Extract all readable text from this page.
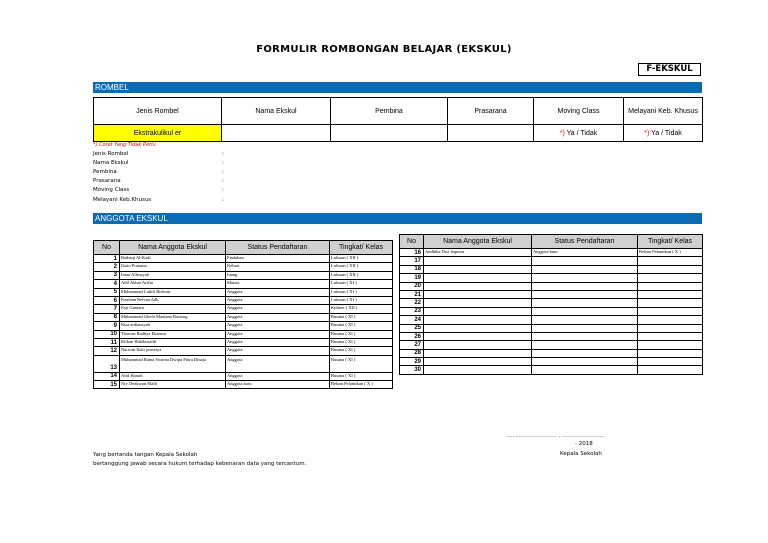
FORMULIR ROMBONGAN BELAJAR (EKSKUL)
F-EKSKUL
ROMBEL
Jenis Rombel	Nama Ekskul	Pembina	Prasarana	Moving Class	Melayani Keb. Khusus
Ekstrakulikul er				*) Ya / Tidak	*) Ya / Tidak
*) Coret Yang Tidak Perlu
Jenis Rombel	:
Nama Ekskul	:
Pembina	:
Prasarana	:
Moving Class	:
Melayani Keb.Khusus	:
ANGGOTA EKSKUL
No	Nama Anggota Ekskul	Status Pendaftaran	Tingkat/ Kelas
1	Baihaqi Al-Kadi	Pindahan	Lulusan ( XII )
2	Ilario Pratama	Keluar	Lulusan ( XII )
3	Iman Alfinsyah	Iuang	Lulusan ( XII )
4	Adil Akbar Arifin	Mutasi	Lulusan ( XI )
5	Muhammad Luthfi Ridwan	Anggota	Lulusan ( XI )
6	Keathan Reivan Adh	Anggota	Lulusan ( XI )
7	Fajr Guntara	Anggota	Kuliner ( XII )
8	Muhammad Ghefa Maulana Bastong	Anggota	Busana ( XI )
9	Riza ardiansyah	Anggota	Busana ( XI )
10	Thomas Radhya Ekansta	Anggota	Busana ( XI )
11	Rifkan Habibusalih	Anggota	Busana ( XI )
12	Narwan Ilatir prasetya	Anggota	Busana ( XI )
13	Muhammad Rama Swarna Dwipa Putra Dinaja	Anggota	Busana ( XI )
14	Afid Hanafi	Anggota	Busana ( XI )
15	Nry Deakwan Maffi	Anggota baru	Belum Pelantikan ( X )
No	Nama Anggota Ekskul	Status Pendaftaran	Tingkat/ Kelas
16	Andhika Dwi Saputra	Anggota baru	Belum Pelantikan ( X )
17			
18			
19			
20			
21			
22			
23			
24			
25			
26			
27			
28			
29			
30			
................................ , ...........................
- 2018
Kepala Sekolah
Yang bertanda tangan Kepala Sekolah
bertanggung jawab secara hukum terhadap kebenaran data yang tercantum.
